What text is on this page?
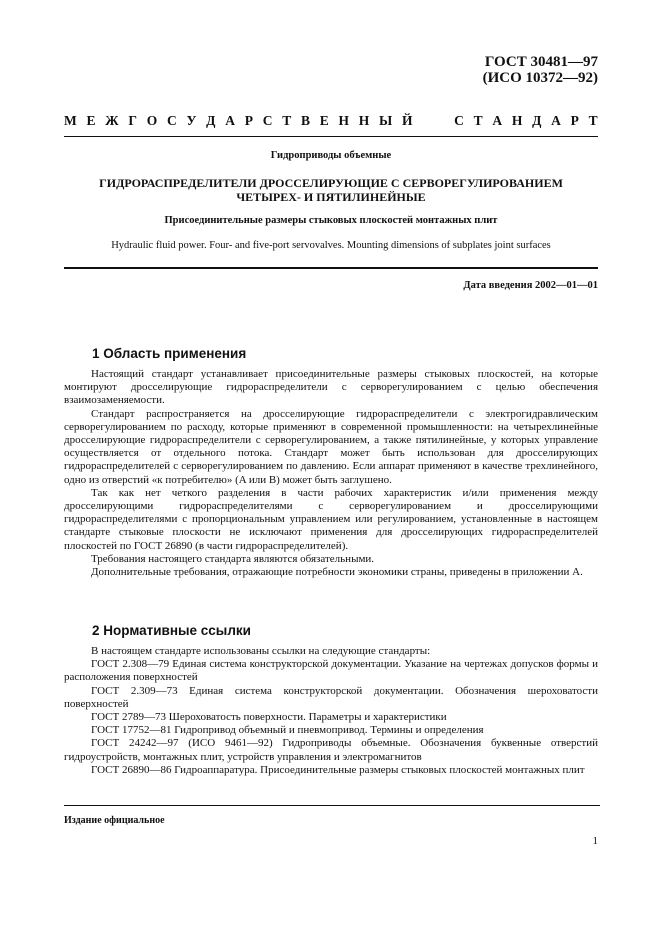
ГОСТ 30481—97
(ИСО 10372—92)
М Е Ж Г О С У Д А Р С Т В Е Н Н Ы Й	С Т А Н Д А Р Т
Гидроприводы объемные
ГИДРОРАСПРЕДЕЛИТЕЛИ ДРОССЕЛИРУЮЩИЕ С СЕРВОРЕГУЛИРОВАНИЕМ
ЧЕТЫРЕХ- И ПЯТИЛИНЕЙНЫЕ
Присоединительные размеры стыковых плоскостей монтажных плит
Hydraulic fluid power. Four- and five-port servovalves. Mounting dimensions of subplates joint surfaces
Дата введения 2002—01—01
1 Область применения

Настоящий стандарт устанавливает присоединительные размеры стыковых плоскостей, на которые монтируют дросселирующие гидрораспределители с серворегулированием с целью обеспечения взаимозаменяемости.

Стандарт распространяется на дросселирующие гидрораспределители с электрогидравлическим серворегулированием по расходу, которые применяют в современной промышленности: на четырехлинейные дросселирующие гидрораспределители с серворегулированием, а также пятилинейные, у которых управление осуществляется от отдельного потока. Стандарт может быть использован для дросселирующих гидрораспределителей с серворегулированием по давлению. Если аппарат применяют в качестве трехлинейного, одно из отверстий «к потребителю» (A или B) может быть заглушено.

Так как нет четкого разделения в части рабочих характеристик и/или применения между дросселирующими гидрораспределителями с серворегулированием и дросселирующими гидрораспределителями с пропорциональным управлением или регулированием, установленные в настоящем стандарте стыковые плоскости не исключают применения для дросселирующих гидрораспределителей плоскостей по ГОСТ 26890 (в части гидрораспределителей).

Требования настоящего стандарта являются обязательными.

Дополнительные требования, отражающие потребности экономики страны, приведены в приложении А.

2 Нормативные ссылки

В настоящем стандарте использованы ссылки на следующие стандарты:

ГОСТ 2.308—79 Единая система конструкторской документации. Указание на чертежах допусков формы и расположения поверхностей

ГОСТ 2.309—73 Единая система конструкторской документации. Обозначения шероховатости поверхностей

ГОСТ 2789—73 Шероховатость поверхности. Параметры и характеристики

ГОСТ 17752—81 Гидропривод объемный и пневмопривод. Термины и определения

ГОСТ 24242—97 (ИСО 9461—92) Гидроприводы объемные. Обозначения буквенные отверстий гидроустройств, монтажных плит, устройств управления и электромагнитов

ГОСТ 26890—86 Гидроаппаратура. Присоединительные размеры стыковых плоскостей монтажных плит

Издание официальное
1
